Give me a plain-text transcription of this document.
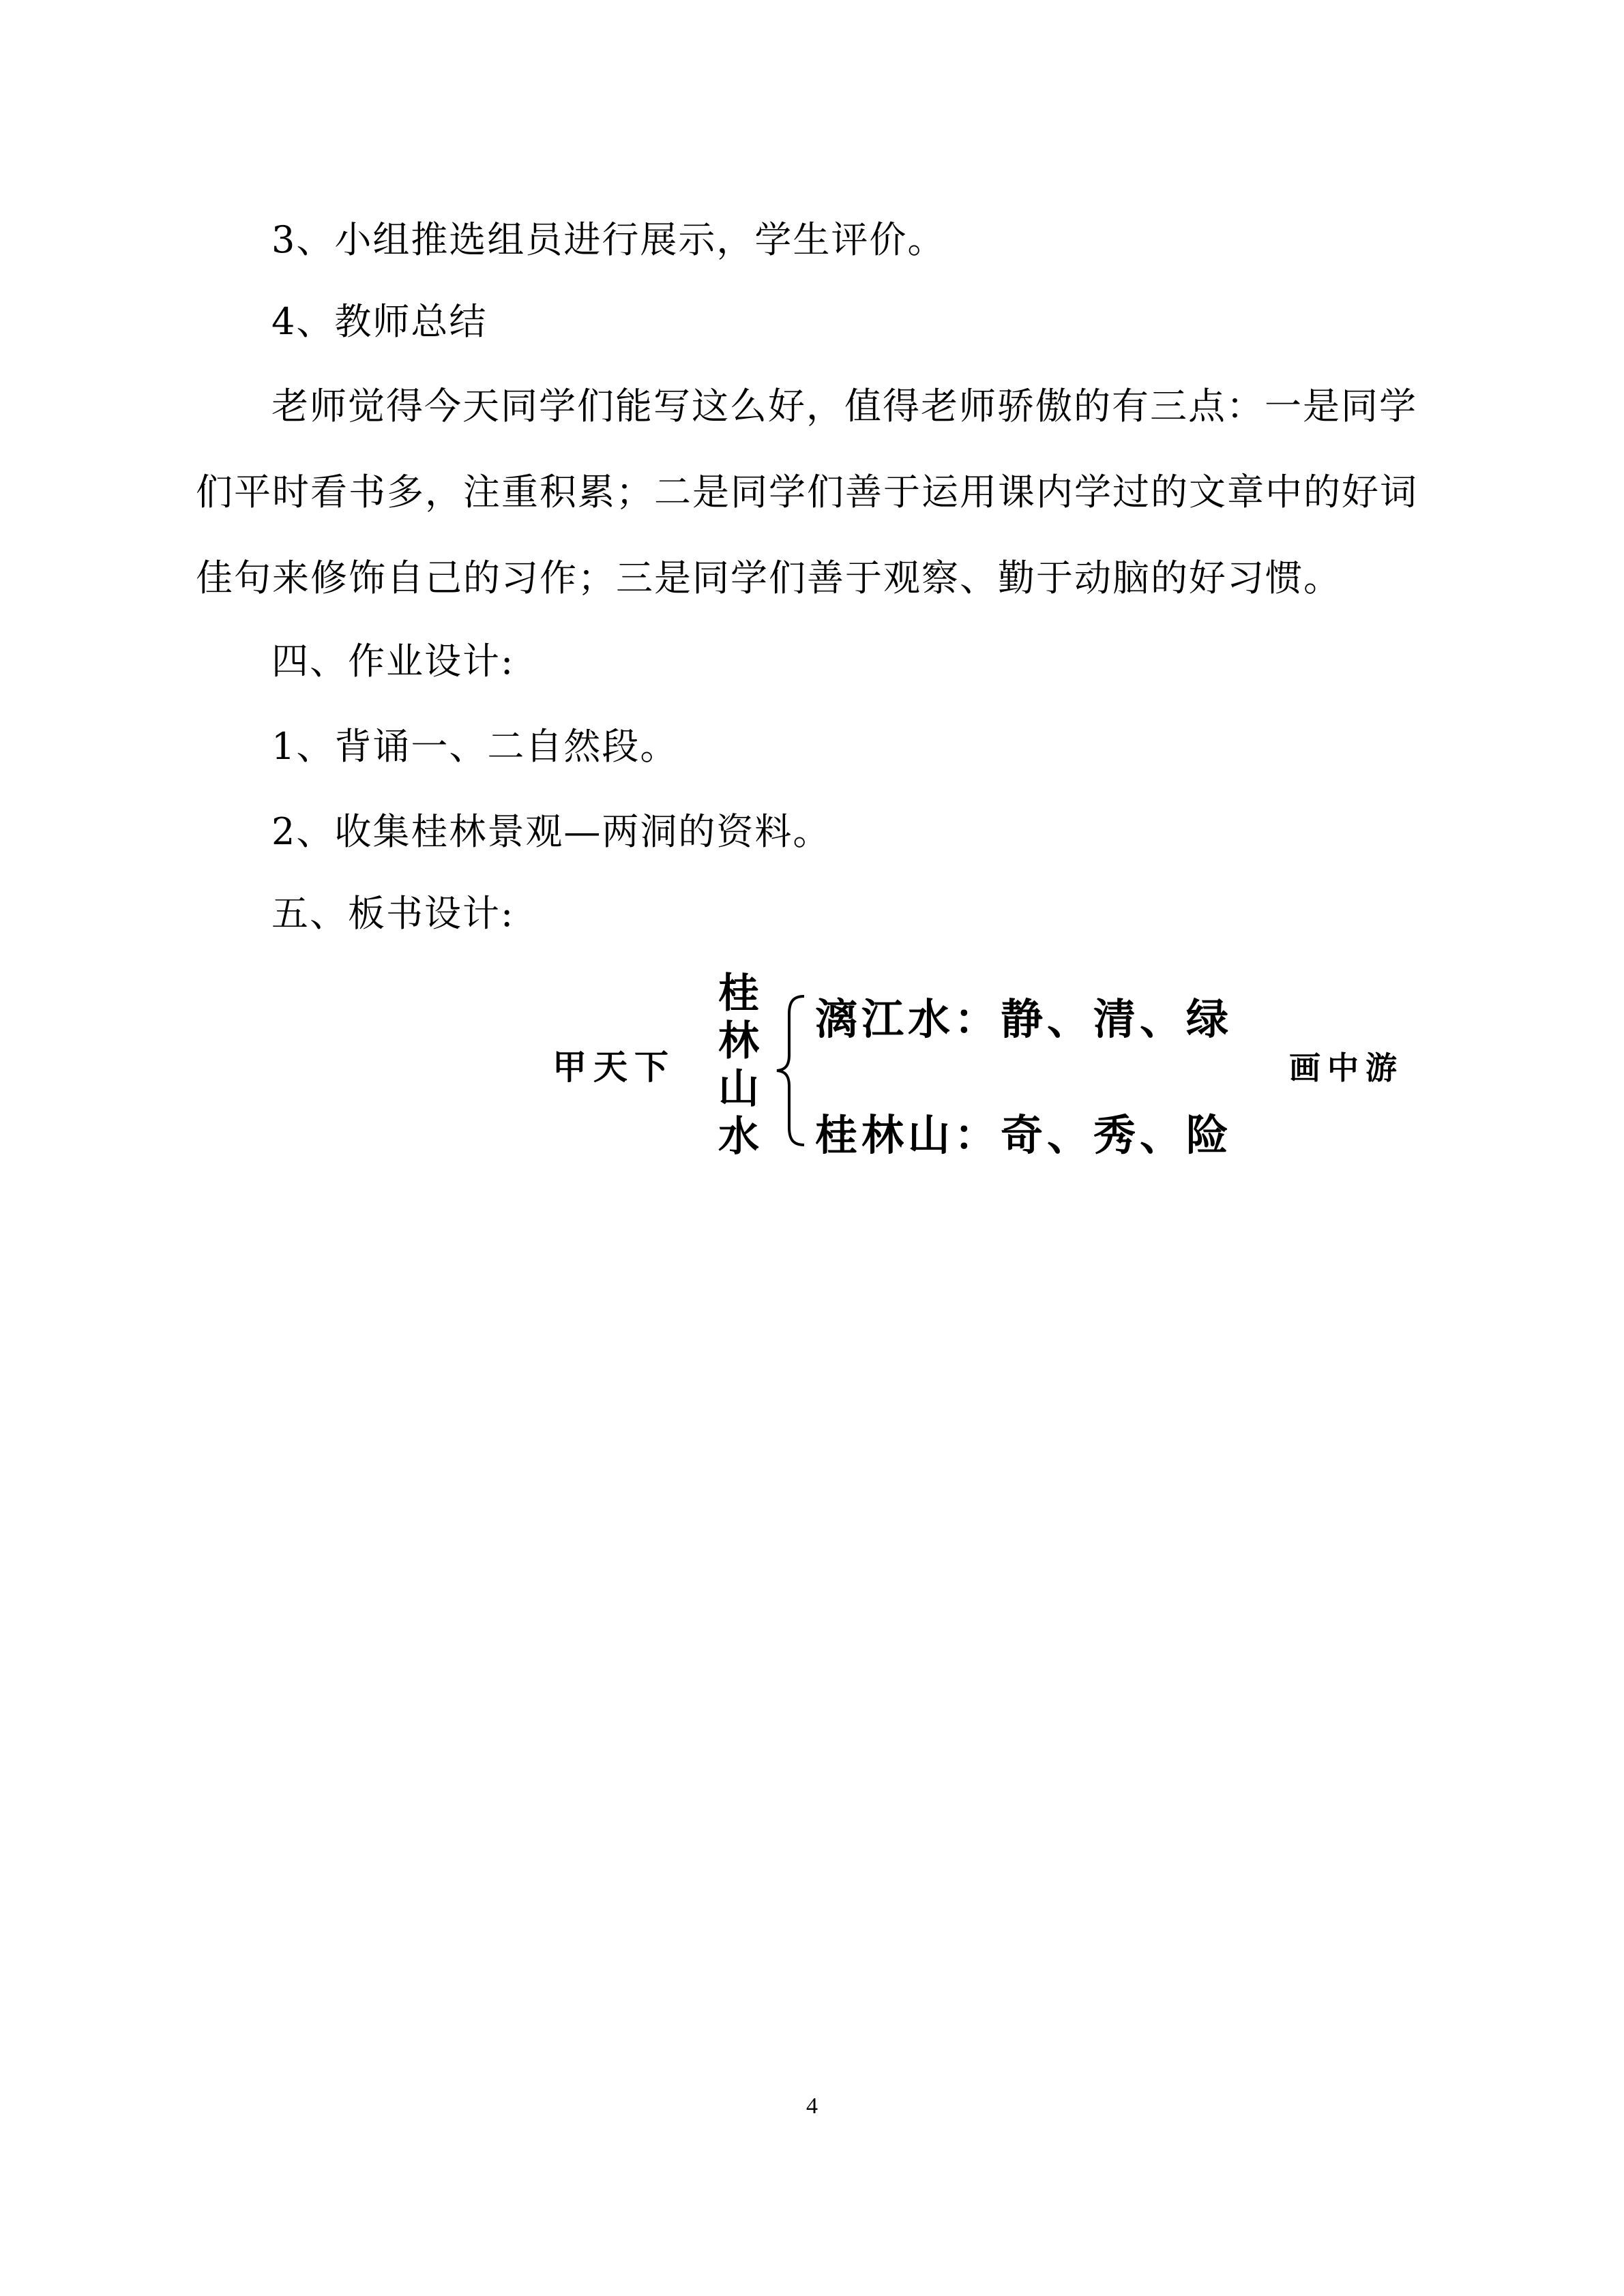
3、小组推选组员进行展示，学生评价。
4、教师总结
老师觉得今天同学们能写这么好，值得老师骄傲的有三点：一是同学
们平时看书多，注重积累；二是同学们善于运用课内学过的文章中的好词
佳句来修饰自己的习作；三是同学们善于观察、勤于动脑的好习惯。
四、作业设计:
1、背诵一、二自然段。
2、收集桂林景观—两洞的资料。
五、板书设计:
甲天下
桂
林
山
水
漓江水：静、清、绿
桂林山：奇、秀、险
画中游
4
